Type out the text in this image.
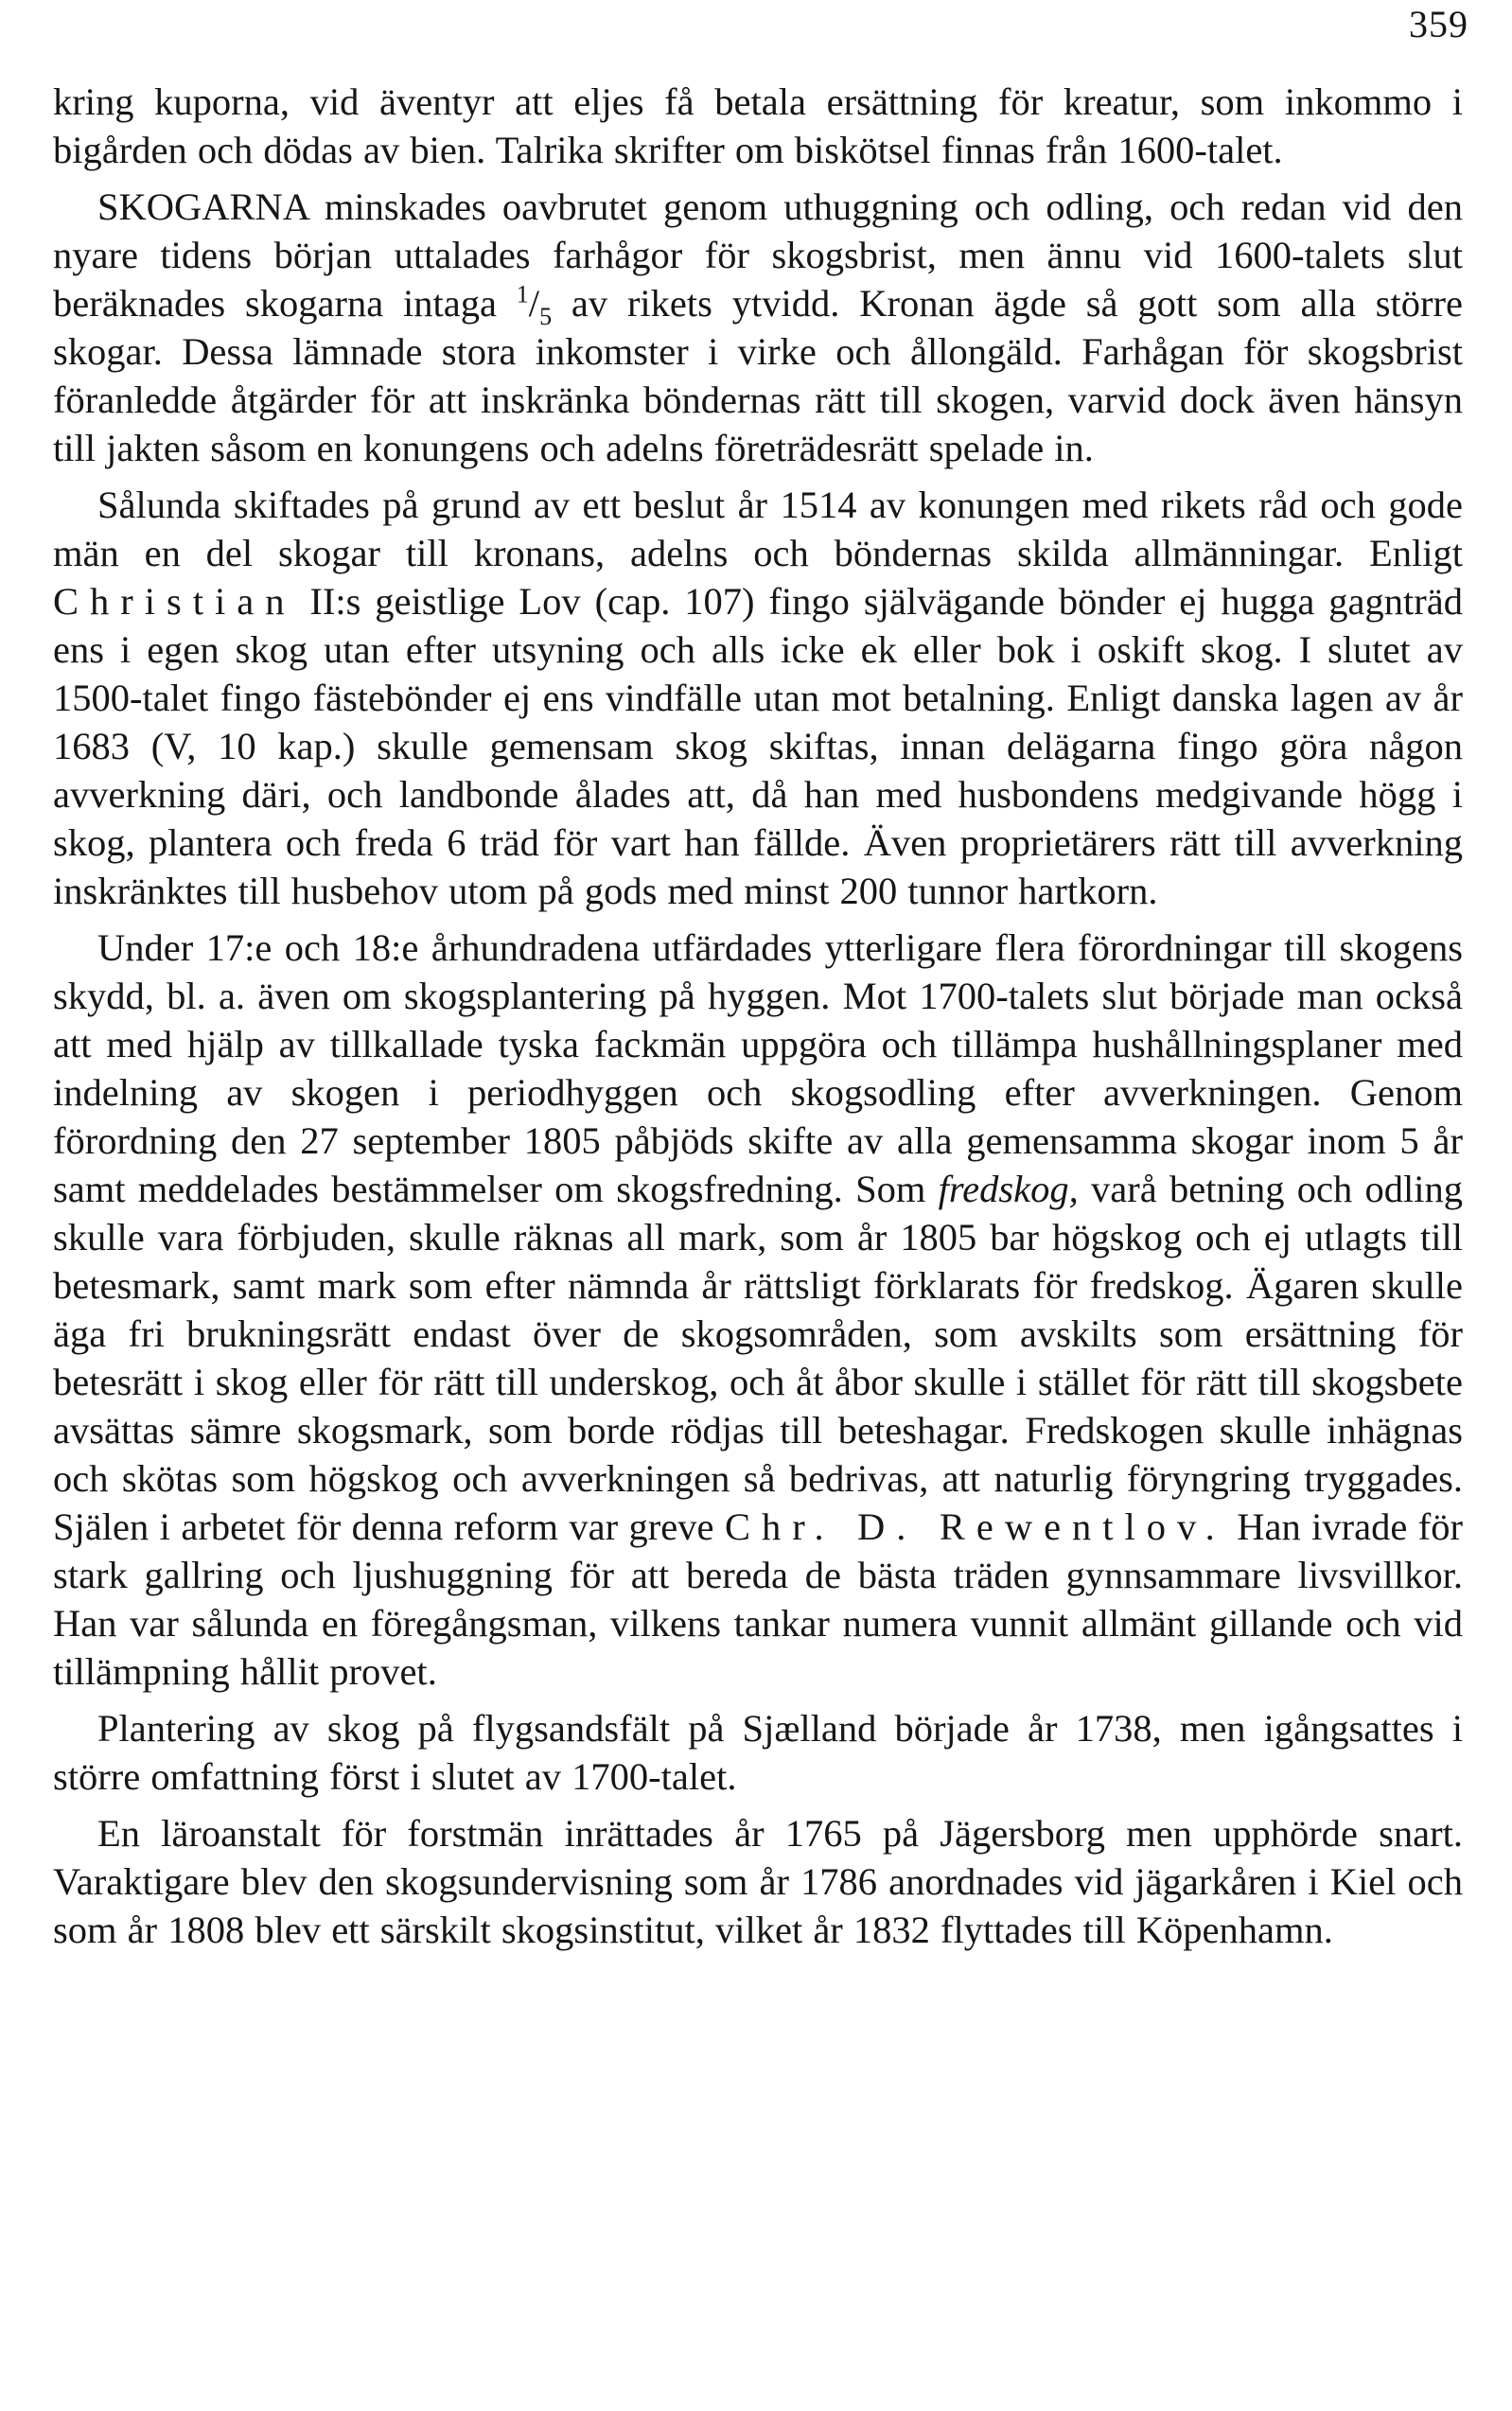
359

kring kuporna, vid äventyr att eljes få betala ersättning för kreatur, som inkommo i bigården och dödas av bien. Talrika skrifter om biskötsel finnas från 1600-talet.

SKOGARNA minskades oavbrutet genom uthuggning och odling, och redan vid den nyare tidens början uttalades farhågor för skogsbrist, men ännu vid 1600-talets slut beräknades skogarna intaga $^1/_5$ av rikets ytvidd. Kronan ägde så gott som alla större skogar. Dessa lämnade stora inkomster i virke och ållongäld. Farhågan för skogsbrist föranledde åtgärder för att inskränka böndernas rätt till skogen, varvid dock även hänsyn till jakten såsom en konungens och adelns företrädesrätt spelade in.

Sålunda skiftades på grund av ett beslut år 1514 av konungen med rikets råd och gode män en del skogar till kronans, adelns och böndernas skilda allmänningar. Enligt Christian II:s geistlige Lov (cap. 107) fingo självägande bönder ej hugga gagnträd ens i egen skog utan efter utsyning och alls icke ek eller bok i oskift skog. I slutet av 1500-talet fingo fästebönder ej ens vindfälle utan mot betalning. Enligt danska lagen av år 1683 (V, 10 kap.) skulle gemensam skog skiftas, innan delägarna fingo göra någon avverkning däri, och landbonde ålades att, då han med husbondens medgivande högg i skog, plantera och freda 6 träd för vart han fällde. Även proprietärers rätt till avverkning inskränktes till husbehov utom på gods med minst 200 tunnor hartkorn.

Under 17:e och 18:e århundradena utfärdades ytterligare flera förordningar till skogens skydd, bl. a. även om skogsplantering på hyggen. Mot 1700-talets slut började man också att med hjälp av tillkallade tyska fackmän uppgöra och tillämpa hushållningsplaner med indelning av skogen i periodhyggen och skogsodling efter avverkningen. Genom förordning den 27 september 1805 påbjöds skifte av alla gemensamma skogar inom 5 år samt meddelades bestämmelser om skogsfredning. Som fredskog, varå betning och odling skulle vara förbjuden, skulle räknas all mark, som år 1805 bar högskog och ej utlagts till betesmark, samt mark som efter nämnda år rättsligt förklarats för fredskog. Ägaren skulle äga fri brukningsrätt endast över de skogsområden, som avskilts som ersättning för betesrätt i skog eller för rätt till underskog, och åt åbor skulle i stället för rätt till skogsbete avsättas sämre skogsmark, som borde rödjas till beteshagar. Fredskogen skulle inhägnas och skötas som högskog och avverkningen så bedrivas, att naturlig föryngring tryggades. Själen i arbetet för denna reform var greve Chr. D. Rewentlov. Han ivrade för stark gallring och ljushuggning för att bereda de bästa träden gynnsammare livsvillkor. Han var sålunda en föregångsman, vilkens tankar numera vunnit allmänt gillande och vid tillämpning hållit provet.

Plantering av skog på flygsandsfält på Sjælland började år 1738, men igångsattes i större omfattning först i slutet av 1700-talet.

En läroanstalt för forstmän inrättades år 1765 på Jägersborg men upphörde snart. Varaktigare blev den skogsundervisning som år 1786 anordnades vid jägarkåren i Kiel och som år 1808 blev ett särskilt skogsinstitut, vilket år 1832 flyttades till Köpenhamn.
